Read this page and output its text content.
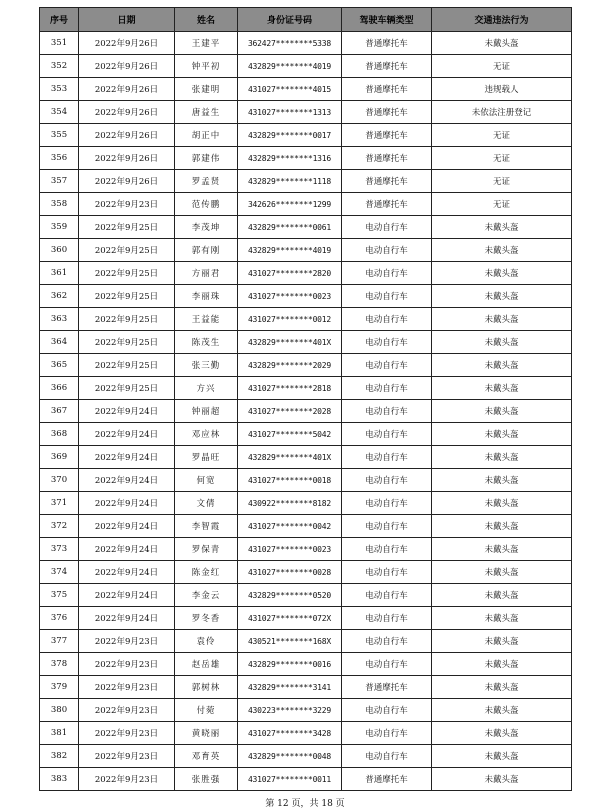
序号	日期	姓名	身份证号码	驾驶车辆类型	交通违法行为
351	2022年9月26日	王建平	362427********5338	普通摩托车	未戴头盔
352	2022年9月26日	钟平初	432829********4019	普通摩托车	无证
353	2022年9月26日	张建明	431027********4015	普通摩托车	违规载人
354	2022年9月26日	唐益生	431027********1313	普通摩托车	未依法注册登记
355	2022年9月26日	胡正中	432829********0017	普通摩托车	无证
356	2022年9月26日	郭建伟	432829********1316	普通摩托车	无证
357	2022年9月26日	罗孟贤	432829********1118	普通摩托车	无证
358	2022年9月23日	范传鹏	342626********1299	普通摩托车	无证
359	2022年9月25日	李茂坤	432829********0061	电动自行车	未戴头盔
360	2022年9月25日	郭有刚	432829********4019	电动自行车	未戴头盔
361	2022年9月25日	方丽君	431027********2820	电动自行车	未戴头盔
362	2022年9月25日	李丽珠	431027********0023	电动自行车	未戴头盔
363	2022年9月25日	王益能	431027********0012	电动自行车	未戴头盔
364	2022年9月25日	陈茂生	432829********401X	电动自行车	未戴头盔
365	2022年9月25日	张三勤	432829********2029	电动自行车	未戴头盔
366	2022年9月25日	方兴	431027********2818	电动自行车	未戴头盔
367	2022年9月24日	钟丽超	431027********2028	电动自行车	未戴头盔
368	2022年9月24日	邓应林	431027********5042	电动自行车	未戴头盔
369	2022年9月24日	罗晶旺	432829********401X	电动自行车	未戴头盔
370	2022年9月24日	何宽	431027********0018	电动自行车	未戴头盔
371	2022年9月24日	文倩	430922********8182	电动自行车	未戴头盔
372	2022年9月24日	李智霞	431027********0042	电动自行车	未戴头盔
373	2022年9月24日	罗保青	431027********0023	电动自行车	未戴头盔
374	2022年9月24日	陈金红	431027********0028	电动自行车	未戴头盔
375	2022年9月24日	李金云	432829********0520	电动自行车	未戴头盔
376	2022年9月24日	罗冬香	431027********072X	电动自行车	未戴头盔
377	2022年9月23日	袁伶	430521********168X	电动自行车	未戴头盔
378	2022年9月23日	赵岳雄	432829********0016	电动自行车	未戴头盔
379	2022年9月23日	郭树林	432829********3141	普通摩托车	未戴头盔
380	2022年9月23日	付菀	430223********3229	电动自行车	未戴头盔
381	2022年9月23日	黄晓丽	431027********3428	电动自行车	未戴头盔
382	2022年9月23日	邓育英	432829********0048	电动自行车	未戴头盔
383	2022年9月23日	张胜强	431027********0011	普通摩托车	未戴头盔
第 12 页，共 18 页
